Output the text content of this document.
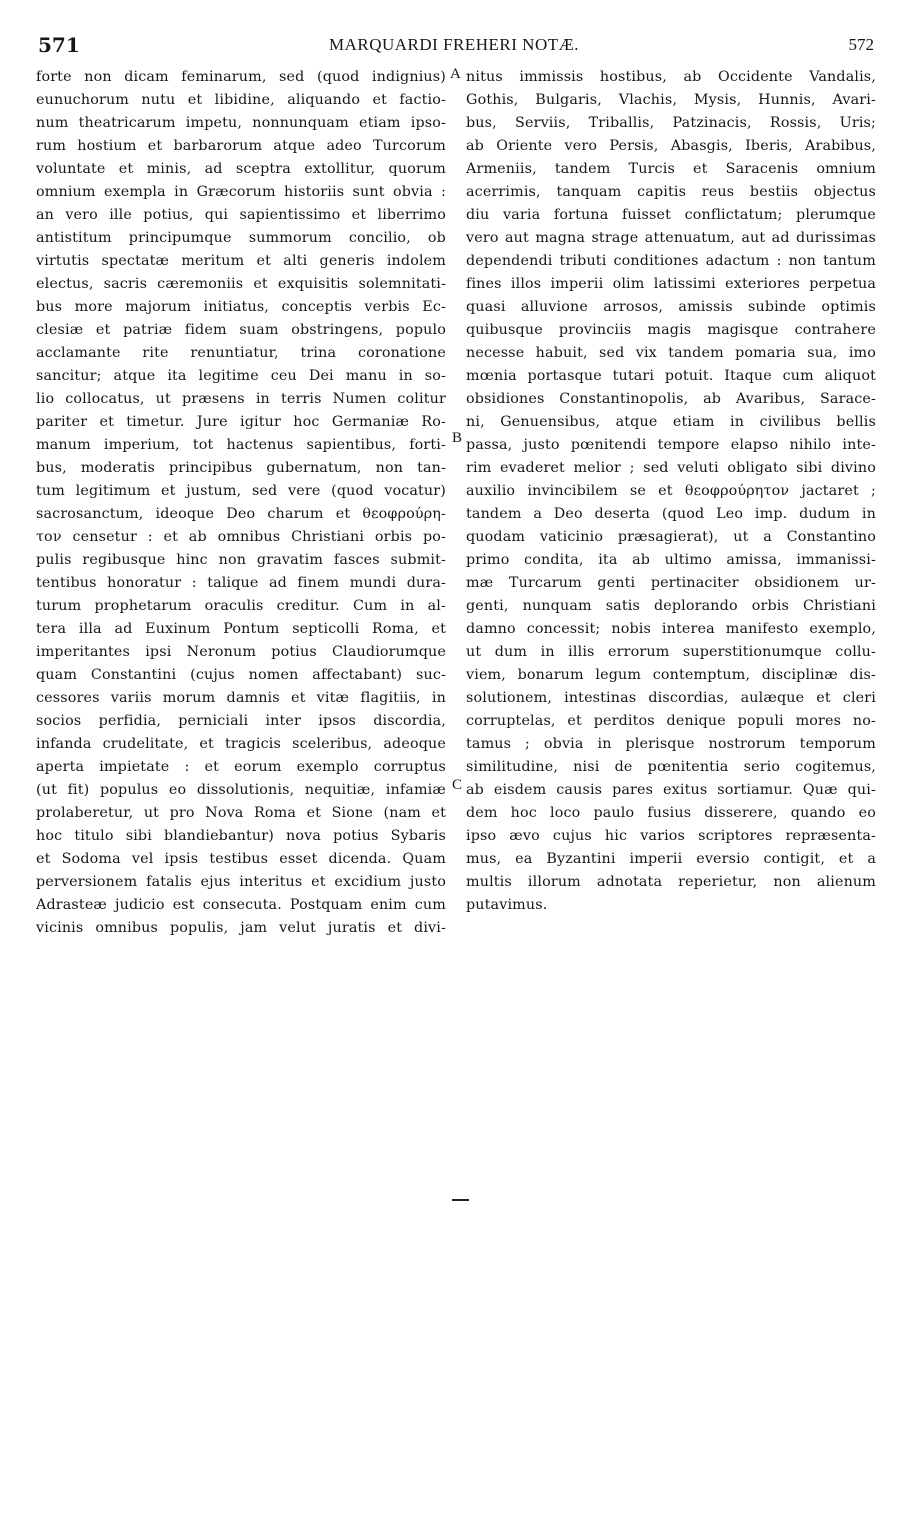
571	MARQUARDI FREHERI NOTÆ.	572
forte non dicam feminarum, sed (quod indignius)
eunuchorum nutu et libidine, aliquando et factio-
num theatricarum impetu, nonnunquam etiam ipso-
rum hostium et barbarorum atque adeo Turcorum
voluntate et minis, ad sceptra extollitur, quorum
omnium exempla in Græcorum historiis sunt obvia :
an vero ille potius, qui sapientissimo et liberrimo
antistitum principumque summorum concilio, ob
virtutis spectatæ meritum et alti generis indolem
electus, sacris cæremoniis et exquisitis solemnitati-
bus more majorum initiatus, conceptis verbis Ec-
clesiæ et patriæ fidem suam obstringens, populo
acclamante rite renuntiatur, trina coronatione
sancitur; atque ita legitime ceu Dei manu in so-
lio collocatus, ut præsens in terris Numen colitur
pariter et timetur. Jure igitur hoc Germaniæ Ro-
manum imperium, tot hactenus sapientibus, forti-
bus, moderatis principibus gubernatum, non tan-
tum legitimum et justum, sed vere (quod vocatur)
sacrosanctum, ideoque Deo charum et θεοφρούρη-
τον censetur : et ab omnibus Christiani orbis po-
pulis regibusque hinc non gravatim fasces submit-
tentibus honoratur : talique ad finem mundi dura-
turum prophetarum oraculis creditur. Cum in al-
tera illa ad Euxinum Pontum septicolli Roma, et
imperitantes ipsi Neronum potius Claudiorumque
quam Constantini (cujus nomen affectabant) suc-
cessores variis morum damnis et vitæ flagitiis, in
socios perfidia, perniciali inter ipsos discordia,
infanda crudelitate, et tragicis sceleribus, adeoque
aperta impietate : et eorum exemplo corruptus
(ut fit) populus eo dissolutionis, nequitiæ, infamiæ
prolaberetur, ut pro Nova Roma et Sione (nam et
hoc titulo sibi blandiebantur) nova potius Sybaris
et Sodoma vel ipsis testibus esset dicenda. Quam
perversionem fatalis ejus interitus et excidium justo
Adrasteæ judicio est consecuta. Postquam enim cum
vicinis omnibus populis, jam velut juratis et divi-
nitus immissis hostibus, ab Occidente Vandalis,
Gothis, Bulgaris, Vlachis, Mysis, Hunnis, Avari-
bus, Serviis, Triballis, Patzinacis, Rossis, Uris;
ab Oriente vero Persis, Abasgis, Iberis, Arabibus,
Armeniis, tandem Turcis et Saracenis omnium
acerrimis, tanquam capitis reus bestiis objectus
diu varia fortuna fuisset conflictatum; plerumque
vero aut magna strage attenuatum, aut ad durissimas
dependendi tributi conditiones adactum : non tantum
fines illos imperii olim latissimi exteriores perpetua
quasi alluvione arrosos, amissis subinde optimis
quibusque provinciis magis magisque contrahere
necesse habuit, sed vix tandem pomaria sua, imo
mœnia portasque tutari potuit. Itaque cum aliquot
obsidiones Constantinopolis, ab Avaribus, Sarace-
ni, Genuensibus, atque etiam in civilibus bellis
passa, justo pœnitendi tempore elapso nihilo inte-
rim evaderet melior ; sed veluti obligato sibi divino
auxilio invincibilem se et θεοφρούρητον jactaret ;
tandem a Deo deserta (quod Leo imp. dudum in
quodam vaticinio præsagierat), ut a Constantino
primo condita, ita ab ultimo amissa, immanissi-
mæ Turcarum genti pertinaciter obsidionem ur-
genti, nunquam satis deplorando orbis Christiani
damno concessit; nobis interea manifesto exemplo,
ut dum in illis errorum superstitionumque collu-
viem, bonarum legum contemptum, disciplinæ dis-
solutionem, intestinas discordias, aulæque et cleri
corruptelas, et perditos denique populi mores no-
tamus ; obvia in plerisque nostrorum temporum
similitudine, nisi de pœnitentia serio cogitemus,
ab eisdem causis pares exitus sortiamur. Quæ qui-
dem hoc loco paulo fusius disserere, quando eo
ipso ævo cujus hic varios scriptores repræsenta-
mus, ea Byzantini imperii eversio contigit, et a
multis illorum adnotata reperietur, non alienum
putavimus.
A
B
C
